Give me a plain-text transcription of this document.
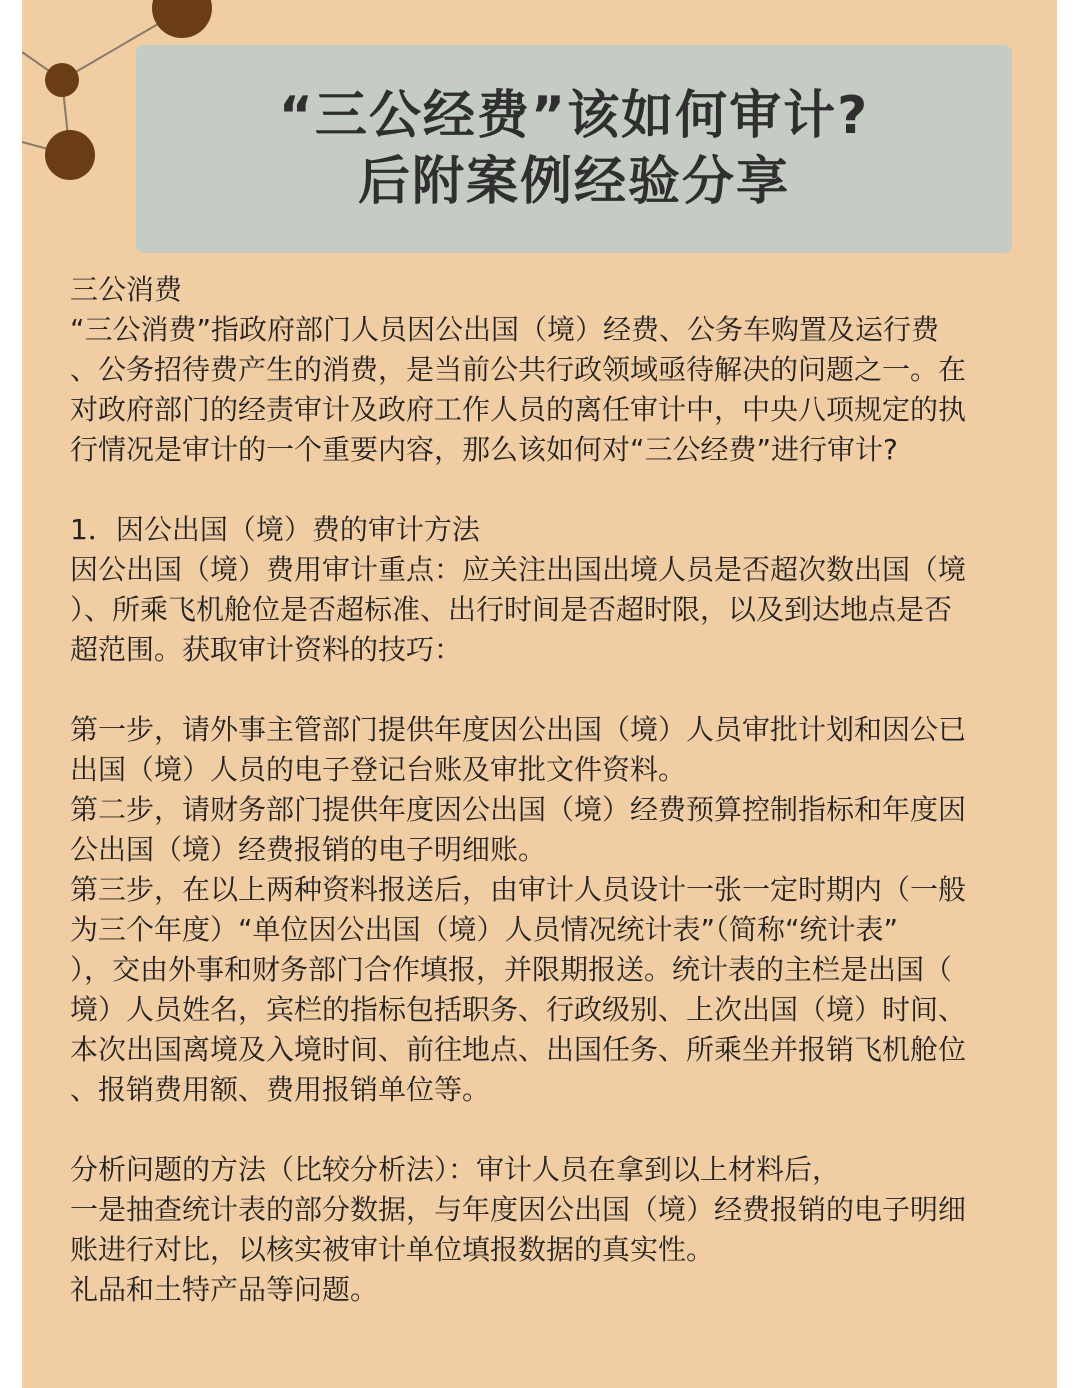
“三公经费”该如何审计?
后附案例经验分享

三公消费

“三公消费”指政府部门人员因公出国（境）经费、公务车购置及运行费

、公务招待费产生的消费，是当前公共行政领域亟待解决的问题之一。在

对政府部门的经责审计及政府工作人员的离任审计中，中央八项规定的执

行情况是审计的一个重要内容，那么该如何对“三公经费”进行审计?

1．因公出国（境）费的审计方法

因公出国（境）费用审计重点：应关注出国出境人员是否超次数出国（境

）、所乘飞机舱位是否超标准、出行时间是否超时限，以及到达地点是否

超范围。获取审计资料的技巧：

第一步，请外事主管部门提供年度因公出国（境）人员审批计划和因公已

出国（境）人员的电子登记台账及审批文件资料。

第二步，请财务部门提供年度因公出国（境）经费预算控制指标和年度因

公出国（境）经费报销的电子明细账。

第三步，在以上两种资料报送后，由审计人员设计一张一定时期内（一般

为三个年度）“单位因公出国（境）人员情况统计表”（简称“统计表”

），交由外事和财务部门合作填报，并限期报送。统计表的主栏是出国（

境）人员姓名，宾栏的指标包括职务、行政级别、上次出国（境）时间、

本次出国离境及入境时间、前往地点、出国任务、所乘坐并报销飞机舱位

、报销费用额、费用报销单位等。

分析问题的方法（比较分析法）：审计人员在拿到以上材料后，

一是抽查统计表的部分数据，与年度因公出国（境）经费报销的电子明细

账进行对比，以核实被审计单位填报数据的真实性。

礼品和土特产品等问题。
